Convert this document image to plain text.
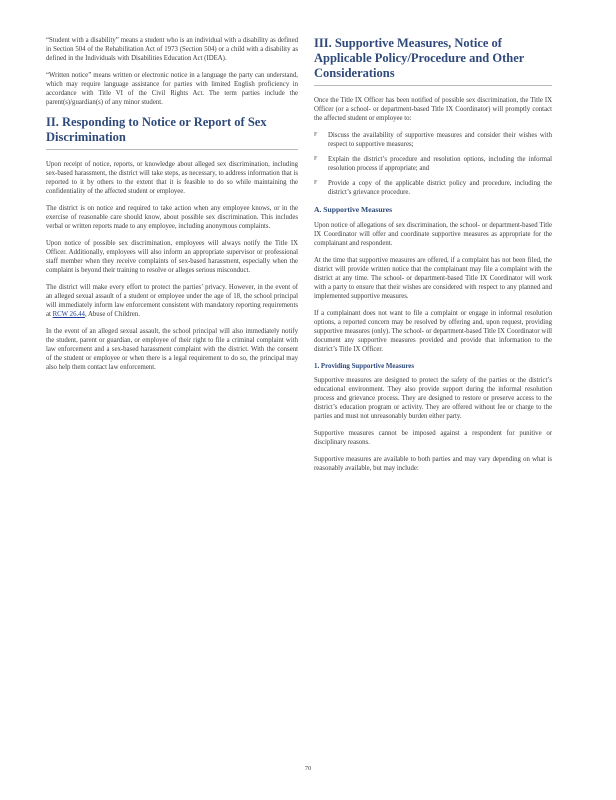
“Student with a disability” means a student who is an individual with a disability as defined in Section 504 of the Rehabilitation Act of 1973 (Section 504) or a child with a disability as defined in the Individuals with Disabilities Education Act (IDEA).

“Written notice” means written or electronic notice in a language the party can understand, which may require language assistance for parties with limited English proficiency in accordance with Title VI of the Civil Rights Act. The term parties include the parent(s)/guardian(s) of any minor student.

II. Responding to Notice or Report of Sex Discrimination

Upon receipt of notice, reports, or knowledge about alleged sex discrimination, including sex-based harassment, the district will take steps, as necessary, to address information that is reported to it by others to the extent that it is feasible to do so while maintaining the confidentiality of the affected student or employee.

The district is on notice and required to take action when any employee knows, or in the exercise of reasonable care should know, about possible sex discrimination. This includes verbal or written reports made to any employee, including anonymous complaints.

Upon notice of possible sex discrimination, employees will always notify the Title IX Officer. Additionally, employees will also inform an appropriate supervisor or professional staff member when they receive complaints of sex-based harassment, especially when the complaint is beyond their training to resolve or alleges serious misconduct.

The district will make every effort to protect the parties’ privacy. However, in the event of an alleged sexual assault of a student or employee under the age of 18, the school principal will immediately inform law enforcement consistent with mandatory reporting requirements at RCW 26.44, Abuse of Children.

In the event of an alleged sexual assault, the school principal will also immediately notify the student, parent or guardian, or employee of their right to file a criminal complaint with law enforcement and a sex-based harassment complaint with the district. With the consent of the student or employee or when there is a legal requirement to do so, the principal may also help them contact law enforcement.

III. Supportive Measures, Notice of Applicable Policy/Procedure and Other Considerations

Once the Title IX Officer has been notified of possible sex discrimination, the Title IX Officer (or a school- or department-based Title IX Coordinator) will promptly contact the affected student or employee to:

F Discuss the availability of supportive measures and consider their wishes with respect to supportive measures;

F Explain the district’s procedure and resolution options, including the informal resolution process if appropriate; and

F Provide a copy of the applicable district policy and procedure, including the district’s grievance procedure.

A. Supportive Measures

Upon notice of allegations of sex discrimination, the school- or department-based Title IX Coordinator will offer and coordinate supportive measures as appropriate for the complainant and respondent.

At the time that supportive measures are offered, if a complaint has not been filed, the district will provide written notice that the complainant may file a complaint with the district at any time. The school- or department-based Title IX Coordinator will work with a party to ensure that their wishes are considered with respect to any planned and implemented supportive measures.

If a complainant does not want to file a complaint or engage in informal resolution options, a reported concern may be resolved by offering and, upon request, providing supportive measures (only). The school- or department-based Title IX Coordinator will document any supportive measures provided and provide that information to the district’s Title IX Officer.

1. Providing Supportive Measures

Supportive measures are designed to protect the safety of the parties or the district’s educational environment. They also provide support during the informal resolution process and grievance process. They are designed to restore or preserve access to the district’s education program or activity. They are offered without fee or charge to the parties and must not unreasonably burden either party.

Supportive measures cannot be imposed against a respondent for punitive or disciplinary reasons.

Supportive measures are available to both parties and may vary depending on what is reasonably available, but may include:

70
